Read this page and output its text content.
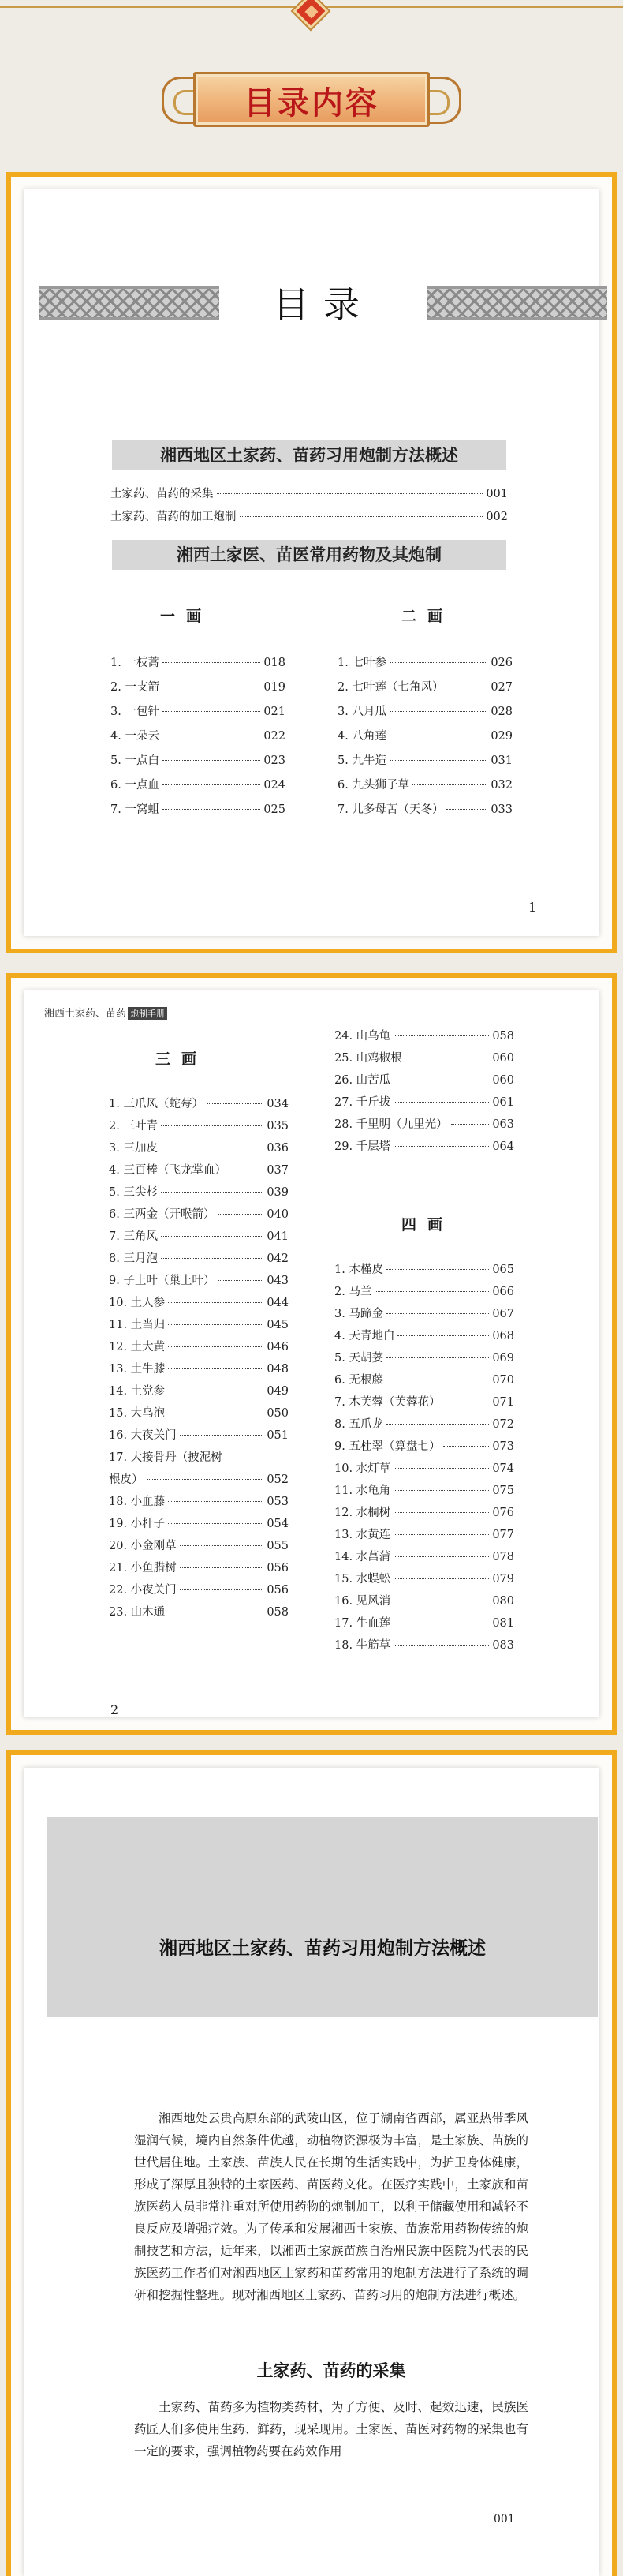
目录内容
目录
湘西地区土家药、苗药习用炮制方法概述
土家药、苗药的采集	001
土家药、苗药的加工炮制	002
湘西土家医、苗医常用药物及其炮制
一画	二画
1. 一枝蒿	018
2. 一支箭	019
3. 一包针	021
4. 一朵云	022
5. 一点白	023
6. 一点血	024
7. 一窝蛆	025
1. 七叶参	026
2. 七叶莲（七角风）	027
3. 八月瓜	028
4. 八角莲	029
5. 九牛造	031
6. 九头狮子草	032
7. 儿多母苦（天冬）	033
1
湘西土家药、苗药 炮制手册
24. 山乌龟	058
25. 山鸡椒根	060
26. 山苦瓜	060
27. 千斤拔	061
28. 千里明（九里光）	063
29. 千层塔	064
三画
1. 三爪风（蛇莓）	034
2. 三叶青	035
3. 三加皮	036
4. 三百棒（飞龙掌血）	037
5. 三尖杉	039
6. 三两金（开喉箭）	040
7. 三角风	041
8. 三月泡	042
9. 子上叶（巢上叶）	043
10. 土人参	044
11. 土当归	045
12. 土大黄	046
13. 土牛膝	048
14. 土党参	049
15. 大乌泡	050
16. 大夜关门	051
17. 大接骨丹（披泥树
根皮）	052
18. 小血藤	053
19. 小杆子	054
20. 小金刚草	055
21. 小鱼腊树	056
22. 小夜关门	056
23. 山木通	058
四画
1. 木槿皮	065
2. 马兰	066
3. 马蹄金	067
4. 天青地白	068
5. 天胡荽	069
6. 无根藤	070
7. 木芙蓉（芙蓉花）	071
8. 五爪龙	072
9. 五杜翠（算盘七）	073
10. 水灯草	074
11. 水龟角	075
12. 水桐树	076
13. 水黄连	077
14. 水菖蒲	078
15. 水蜈蚣	079
16. 见风消	080
17. 牛血莲	081
18. 牛筋草	083
2
湘西地区土家药、苗药习用炮制方法概述
湘西地处云贵高原东部的武陵山区，位于湖南省西部，属亚热带季风湿润气候，境内自然条件优越，动植物资源极为丰富，是土家族、苗族的世代居住地。土家族、苗族人民在长期的生活实践中，为护卫身体健康，形成了深厚且独特的土家医药、苗医药文化。在医疗实践中，土家族和苗族医药人员非常注重对所使用药物的炮制加工，以利于储藏使用和减轻不良反应及增强疗效。为了传承和发展湘西土家族、苗族常用药物传统的炮制技艺和方法，近年来，以湘西土家族苗族自治州民族中医院为代表的民族医药工作者们对湘西地区土家药和苗药常用的炮制方法进行了系统的调研和挖掘性整理。现对湘西地区土家药、苗药习用的炮制方法进行概述。
土家药、苗药的采集
土家药、苗药多为植物类药材，为了方便、及时、起效迅速，民族医药匠人们多使用生药、鲜药，现采现用。土家医、苗医对药物的采集也有一定的要求，强调植物药要在药效作用
001
